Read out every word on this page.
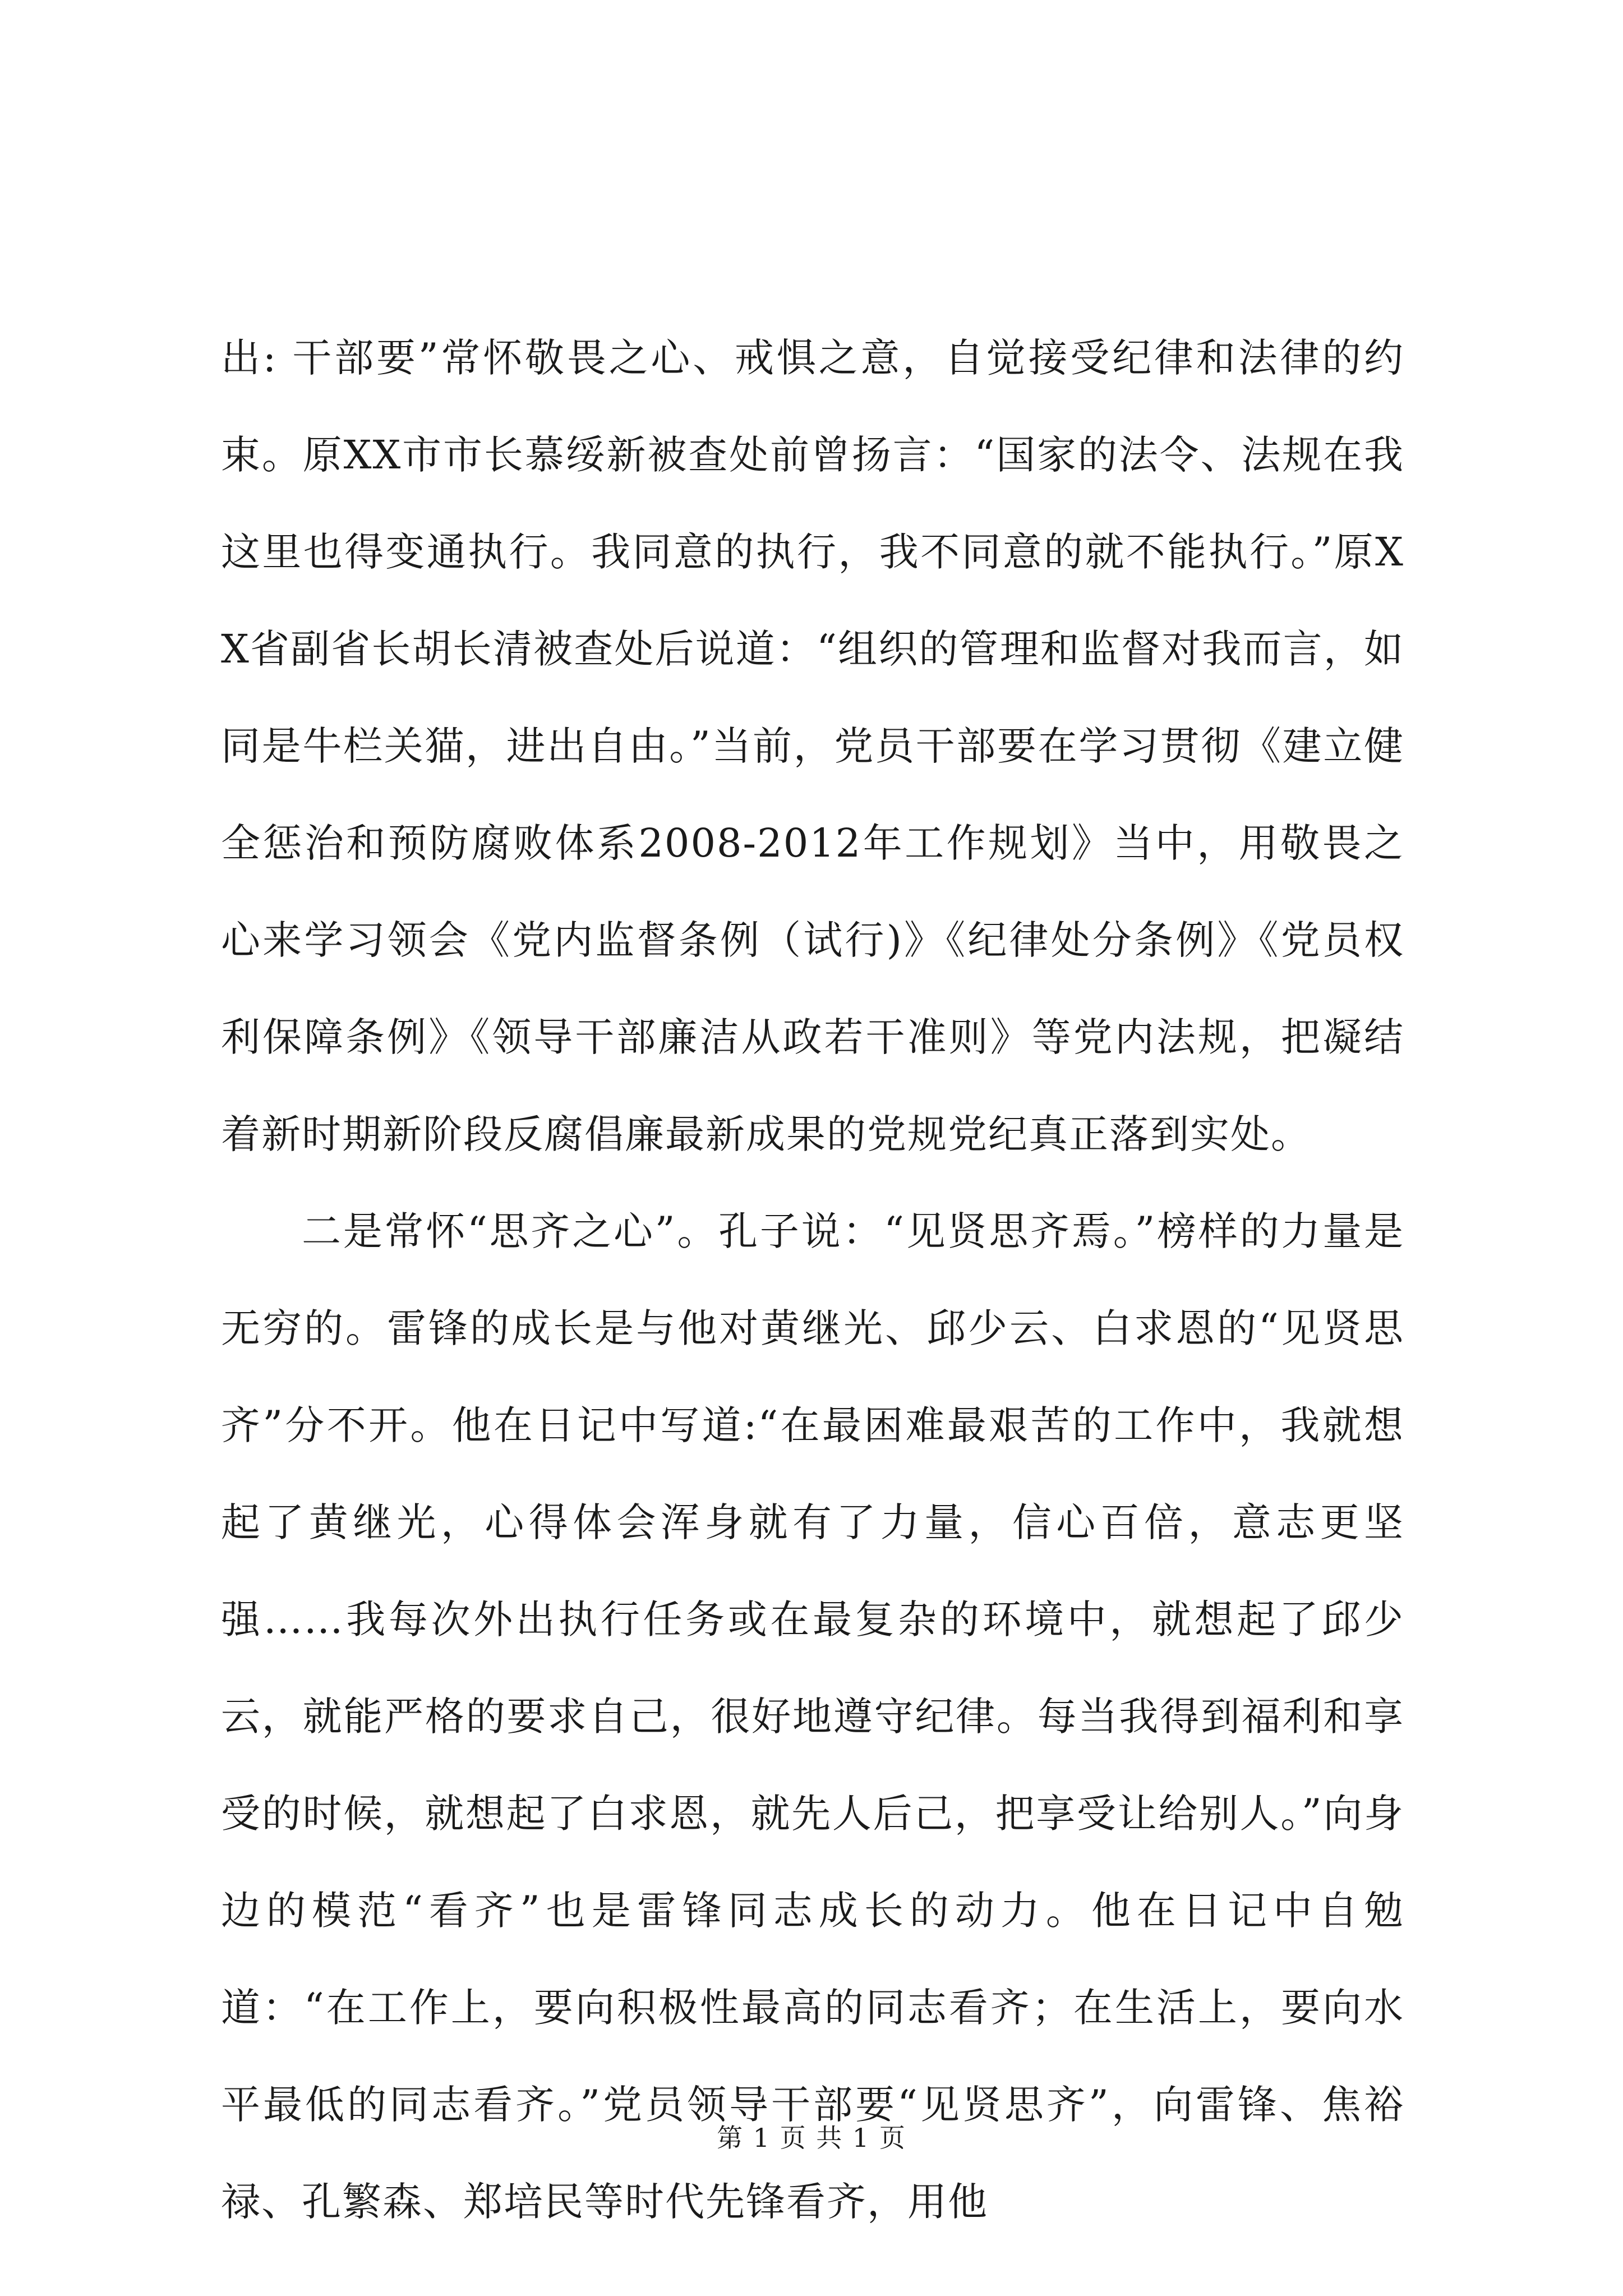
出: 干部要”常怀敬畏之心、戒惧之意，自觉接受纪律和法律的约束。原XX市市长慕绥新被查处前曾扬言：“国家的法令、法规在我这里也得变通执行。我同意的执行，我不同意的就不能执行。”原XX省副省长胡长清被查处后说道：“组织的管理和监督对我而言，如同是牛栏关猫，进出自由。”当前，党员干部要在学习贯彻《建立健全惩治和预防腐败体系2008-2012年工作规划》当中，用敬畏之心来学习领会《党内监督条例（试行)》《纪律处分条例》《党员权利保障条例》《领导干部廉洁从政若干准则》等党内法规，把凝结着新时期新阶段反腐倡廉最新成果的党规党纪真正落到实处。

二是常怀“思齐之心”。孔子说：“见贤思齐焉。”榜样的力量是无穷的。雷锋的成长是与他对黄继光、邱少云、白求恩的“见贤思齐”分不开。他在日记中写道:“在最困难最艰苦的工作中，我就想起了黄继光，心得体会浑身就有了力量，信心百倍，意志更坚强……我每次外出执行任务或在最复杂的环境中，就想起了邱少云，就能严格的要求自己，很好地遵守纪律。每当我得到福利和享受的时候，就想起了白求恩，就先人后己，把享受让给别人。”向身边的模范“看齐”也是雷锋同志成长的动力。他在日记中自勉道：“在工作上，要向积极性最高的同志看齐；在生活上，要向水平最低的同志看齐。”党员领导干部要“见贤思齐”，向雷锋、焦裕禄、孔繁森、郑培民等时代先锋看齐，用他

第 1 页 共 1 页
